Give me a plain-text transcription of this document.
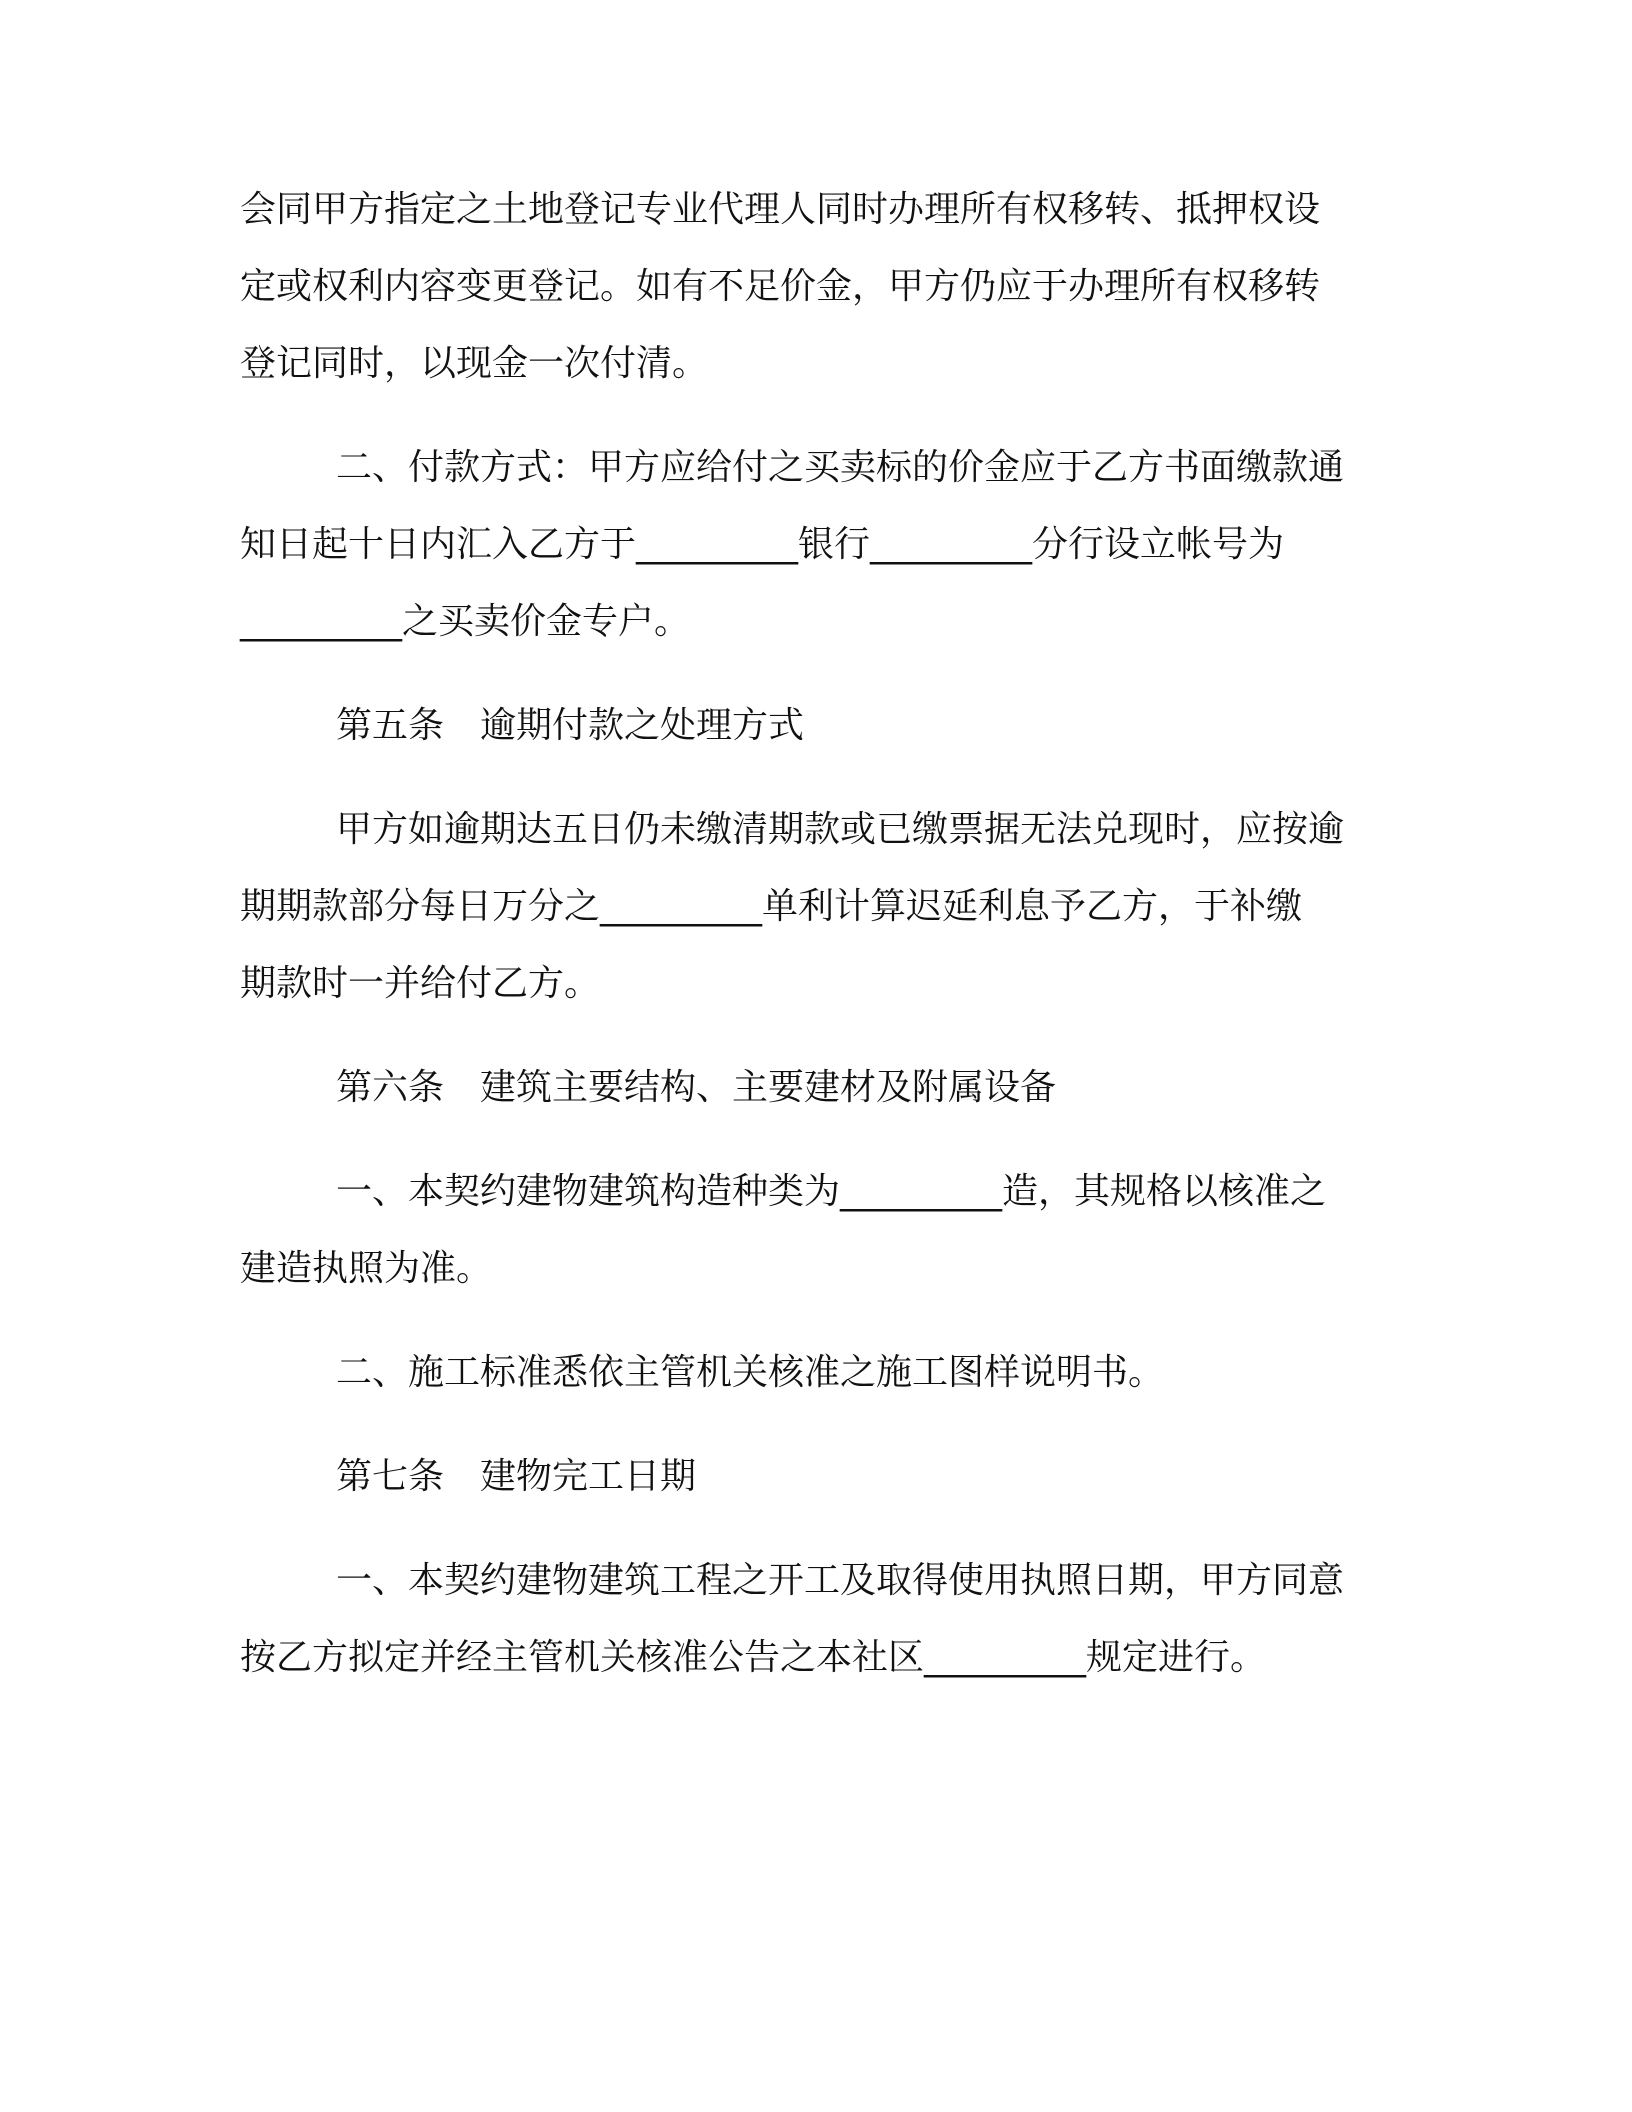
会同甲方指定之土地登记专业代理人同时办理所有权移转、抵押权设
定或权利内容变更登记。如有不足价金，甲方仍应于办理所有权移转
登记同时，以现金一次付清。
二、付款方式：甲方应给付之买卖标的价金应于乙方书面缴款通
知日起十日内汇入乙方于_________银行_________分行设立帐号为
_________之买卖价金专户。
第五条 逾期付款之处理方式
甲方如逾期达五日仍未缴清期款或已缴票据无法兑现时，应按逾
期期款部分每日万分之_________单利计算迟延利息予乙方，于补缴
期款时一并给付乙方。
第六条 建筑主要结构、主要建材及附属设备
一、本契约建物建筑构造种类为_________造，其规格以核准之
建造执照为准。
二、施工标准悉依主管机关核准之施工图样说明书。
第七条 建物完工日期
一、本契约建物建筑工程之开工及取得使用执照日期，甲方同意
按乙方拟定并经主管机关核准公告之本社区_________规定进行。
